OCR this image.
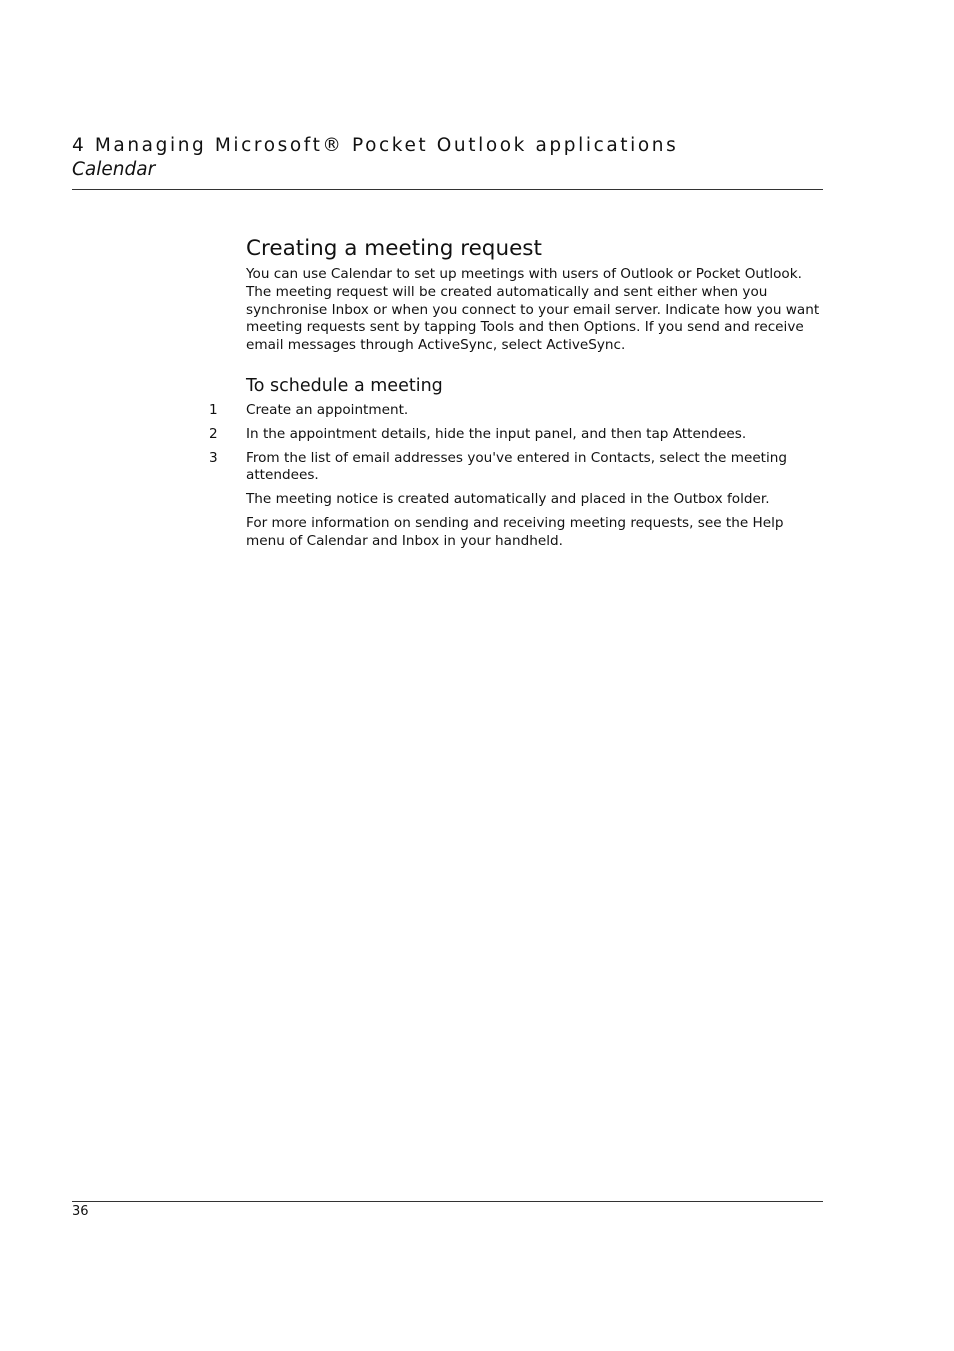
4 Managing Microsoft® Pocket Outlook applications
Calendar
Creating a meeting request

You can use Calendar to set up meetings with users of Outlook or Pocket Outlook. The meeting request will be created automatically and sent either when you synchronise Inbox or when you connect to your email server. Indicate how you want meeting requests sent by tapping Tools and then Options. If you send and receive email messages through ActiveSync, select ActiveSync.

To schedule a meeting
1 Create an appointment.

2 In the appointment details, hide the input panel, and then tap Attendees.

3 From the list of email addresses you've entered in Contacts, select the meeting attendees.

The meeting notice is created automatically and placed in the Outbox folder.

For more information on sending and receiving meeting requests, see the Help menu of Calendar and Inbox in your handheld.

36
